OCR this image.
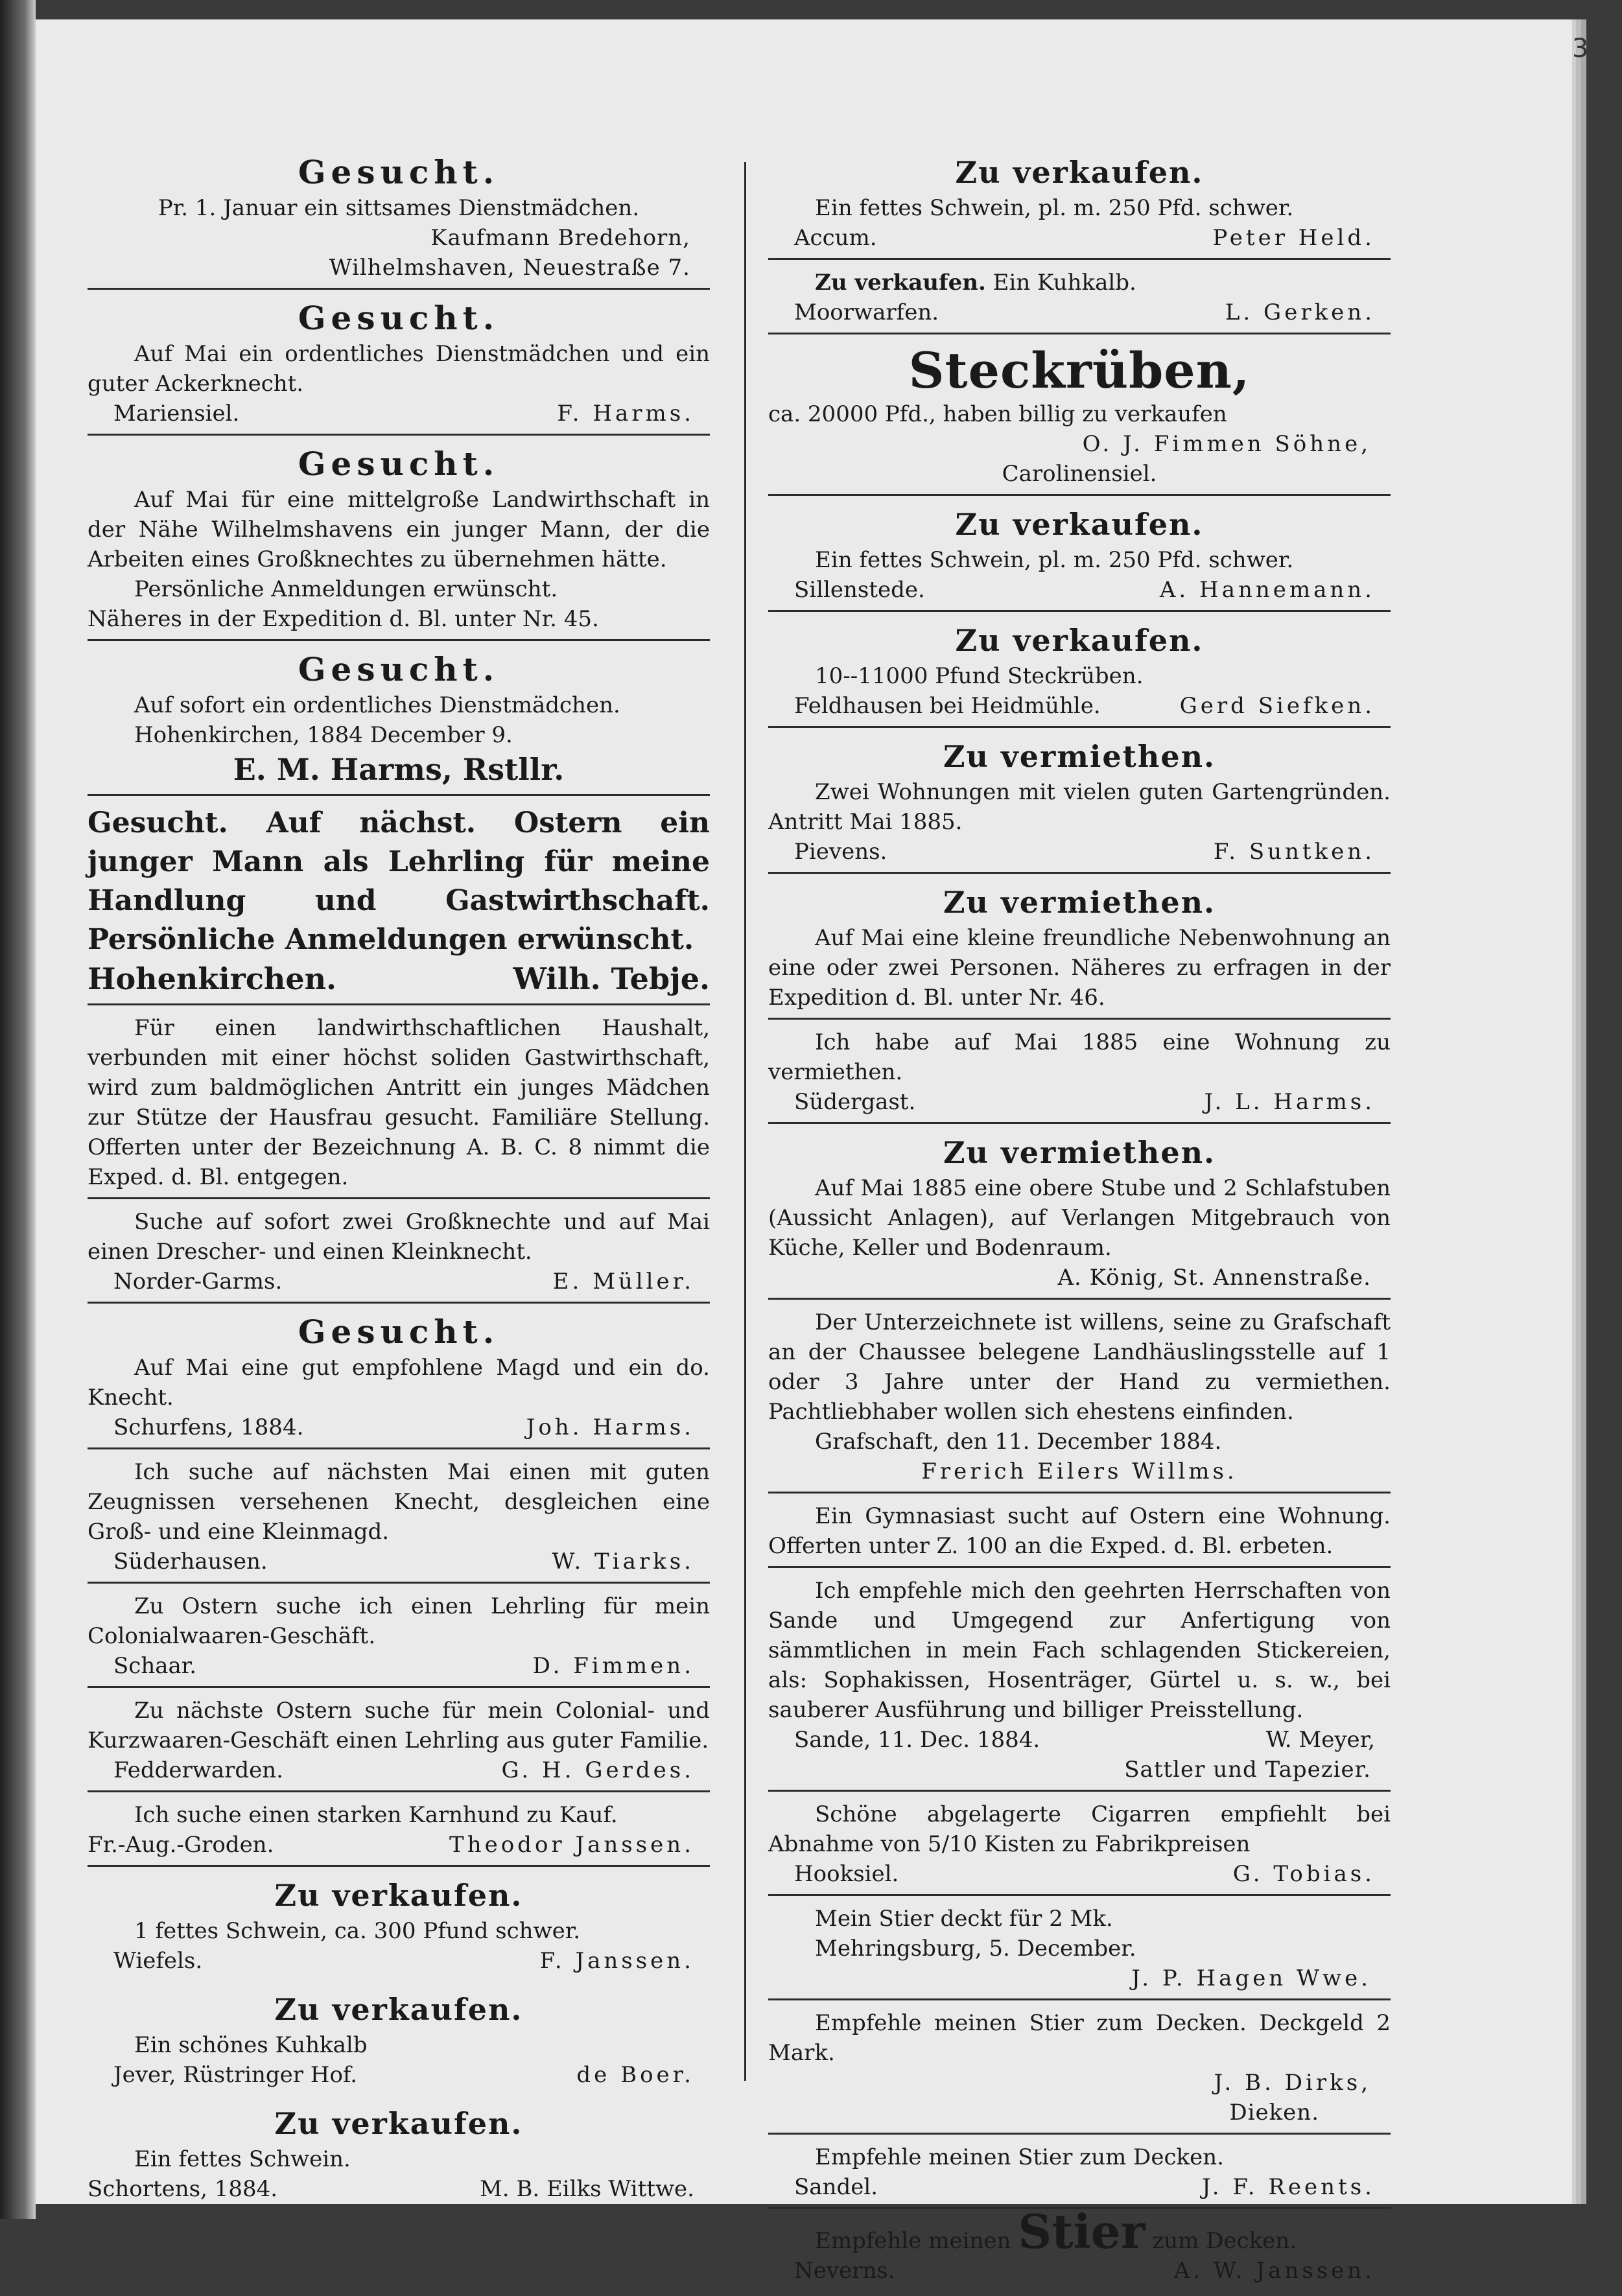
3
Gesucht.
Pr. 1. Januar ein sittsames Dienstmädchen.
Kaufmann Bredehorn,
Wilhelmshaven, Neuestraße 7.
Gesucht.

Auf Mai ein ordentliches Dienstmädchen und ein guter Ackerknecht.

Mariensiel.	F. Harms.
Gesucht.

Auf Mai für eine mittelgroße Landwirthschaft in der Nähe Wilhelmshavens ein junger Mann, der die Arbeiten eines Großknechtes zu übernehmen hätte.

Persönliche Anmeldungen erwünscht.

Näheres in der Expedition d. Bl. unter Nr. 45.

Gesucht.

Auf sofort ein ordentliches Dienstmädchen.

Hohenkirchen, 1884 December 9.

E. M. Harms, Rstllr.

Gesucht. Auf nächst. Ostern ein junger Mann als Lehrling für meine Handlung und Gastwirthschaft. Persönliche Anmeldungen erwünscht.

Hohenkirchen.	Wilh. Tebje.

Für einen landwirthschaftlichen Haushalt, verbunden mit einer höchst soliden Gastwirthschaft, wird zum baldmöglichen Antritt ein junges Mädchen zur Stütze der Hausfrau gesucht. Familiäre Stellung. Offerten unter der Bezeichnung A. B. C. 8 nimmt die Exped. d. Bl. entgegen.

Suche auf sofort zwei Großknechte und auf Mai einen Drescher- und einen Kleinknecht.

Norder-Garms.	E. Müller.
Gesucht.

Auf Mai eine gut empfohlene Magd und ein do. Knecht.

Schurfens, 1884.	Joh. Harms.

Ich suche auf nächsten Mai einen mit guten Zeugnissen versehenen Knecht, desgleichen eine Groß- und eine Kleinmagd.

Süderhausen.	W. Tiarks.

Zu Ostern suche ich einen Lehrling für mein Colonialwaaren-Geschäft.

Schaar.	D. Fimmen.

Zu nächste Ostern suche für mein Colonial- und Kurzwaaren-Geschäft einen Lehrling aus guter Familie.

Fedderwarden.	G. H. Gerdes.

Ich suche einen starken Karnhund zu Kauf.

Fr.-Aug.-Groden.	Theodor Janssen.
Zu verkaufen.

1 fettes Schwein, ca. 300 Pfund schwer.

Wiefels.	F. Janssen.
Zu verkaufen.

Ein schönes Kuhkalb

Jever, Rüstringer Hof.	de Boer.
Zu verkaufen.

Ein fettes Schwein.

Schortens, 1884.	M. B. Eilks Wittwe.
Zu verkaufen.

Ein fettes Schwein, pl. m. 250 Pfd. schwer.

Accum.	Peter Held.

Zu verkaufen. Ein Kuhkalb.

Moorwarfen.	L. Gerken.
Steckrüben,

ca. 20000 Pfd., haben billig zu verkaufen

O. J. Fimmen Söhne,
Carolinensiel.
Zu verkaufen.

Ein fettes Schwein, pl. m. 250 Pfd. schwer.

Sillenstede.	A. Hannemann.
Zu verkaufen.

10--11000 Pfund Steckrüben.

Feldhausen bei Heidmühle.	Gerd Siefken.
Zu vermiethen.

Zwei Wohnungen mit vielen guten Gartengründen. Antritt Mai 1885.

Pievens.	F. Suntken.
Zu vermiethen.

Auf Mai eine kleine freundliche Nebenwohnung an eine oder zwei Personen. Näheres zu erfragen in der Expedition d. Bl. unter Nr. 46.

Ich habe auf Mai 1885 eine Wohnung zu vermiethen.

Südergast.	J. L. Harms.
Zu vermiethen.

Auf Mai 1885 eine obere Stube und 2 Schlafstuben (Aussicht Anlagen), auf Verlangen Mitgebrauch von Küche, Keller und Bodenraum.

A. König, St. Annenstraße.

Der Unterzeichnete ist willens, seine zu Grafschaft an der Chaussee belegene Landhäuslingsstelle auf 1 oder 3 Jahre unter der Hand zu vermiethen. Pachtliebhaber wollen sich ehestens einfinden.

Grafschaft, den 11. December 1884.

Frerich Eilers Willms.

Ein Gymnasiast sucht auf Ostern eine Wohnung. Offerten unter Z. 100 an die Exped. d. Bl. erbeten.

Ich empfehle mich den geehrten Herrschaften von Sande und Umgegend zur Anfertigung von sämmtlichen in mein Fach schlagenden Stickereien, als: Sophakissen, Hosenträger, Gürtel u. s. w., bei sauberer Ausführung und billiger Preisstellung.

Sande, 11. Dec. 1884.	W. Meyer,
Sattler und Tapezier.

Schöne abgelagerte Cigarren empfiehlt bei Abnahme von 5/10 Kisten zu Fabrikpreisen

Hooksiel.	G. Tobias.

Mein Stier deckt für 2 Mk.

Mehringsburg, 5. December.

J. P. Hagen Wwe.

Empfehle meinen Stier zum Decken. Deckgeld 2 Mark.

J. B. Dirks,
Dieken.

Empfehle meinen Stier zum Decken.

Sandel.	J. F. Reents.

Empfehle meinen Stier zum Decken.

Neverns.	A. W. Janssen.
